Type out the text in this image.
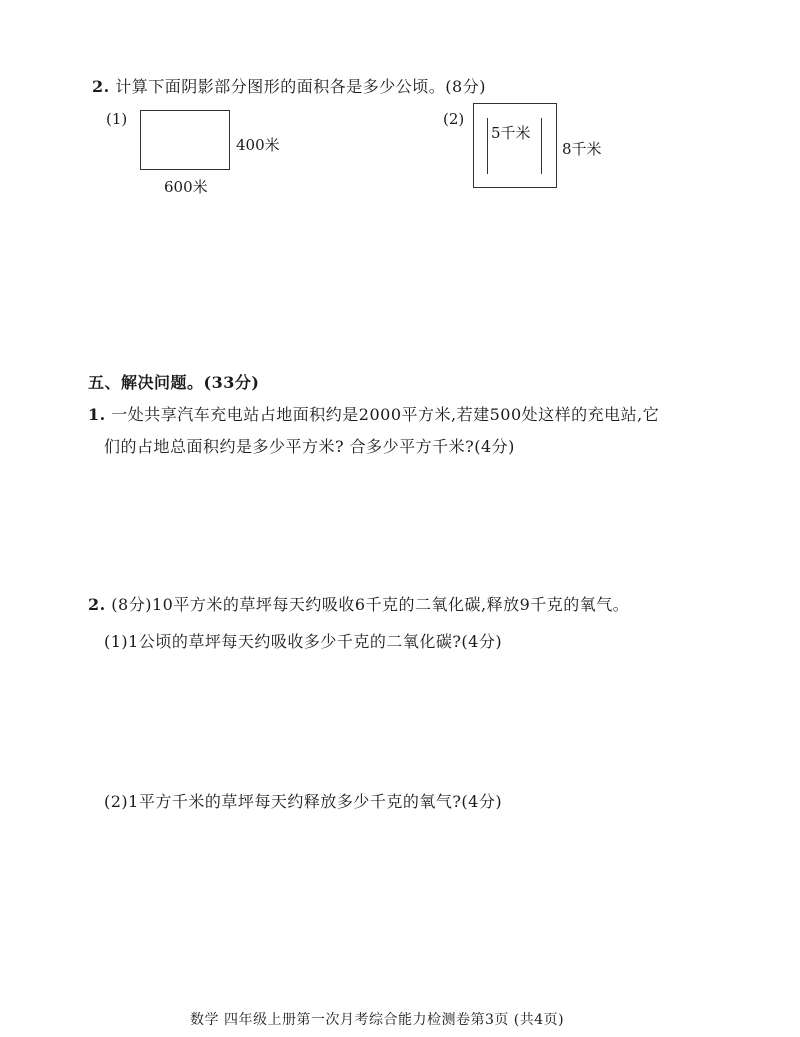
2. 计算下面阴影部分图形的面积各是多少公顷。(8分)
(1)
400米
600米
(2)
5千米
8千米
五、解决问题。(33分)
1. 一处共享汽车充电站占地面积约是2000平方米,若建500处这样的充电站,它
们的占地总面积约是多少平方米? 合多少平方千米?(4分)
2. (8分)10平方米的草坪每天约吸收6千克的二氧化碳,释放9千克的氧气。
(1)1公顷的草坪每天约吸收多少千克的二氧化碳?(4分)
(2)1平方千米的草坪每天约释放多少千克的氧气?(4分)
数学 四年级上册第一次月考综合能力检测卷第3页 (共4页)
